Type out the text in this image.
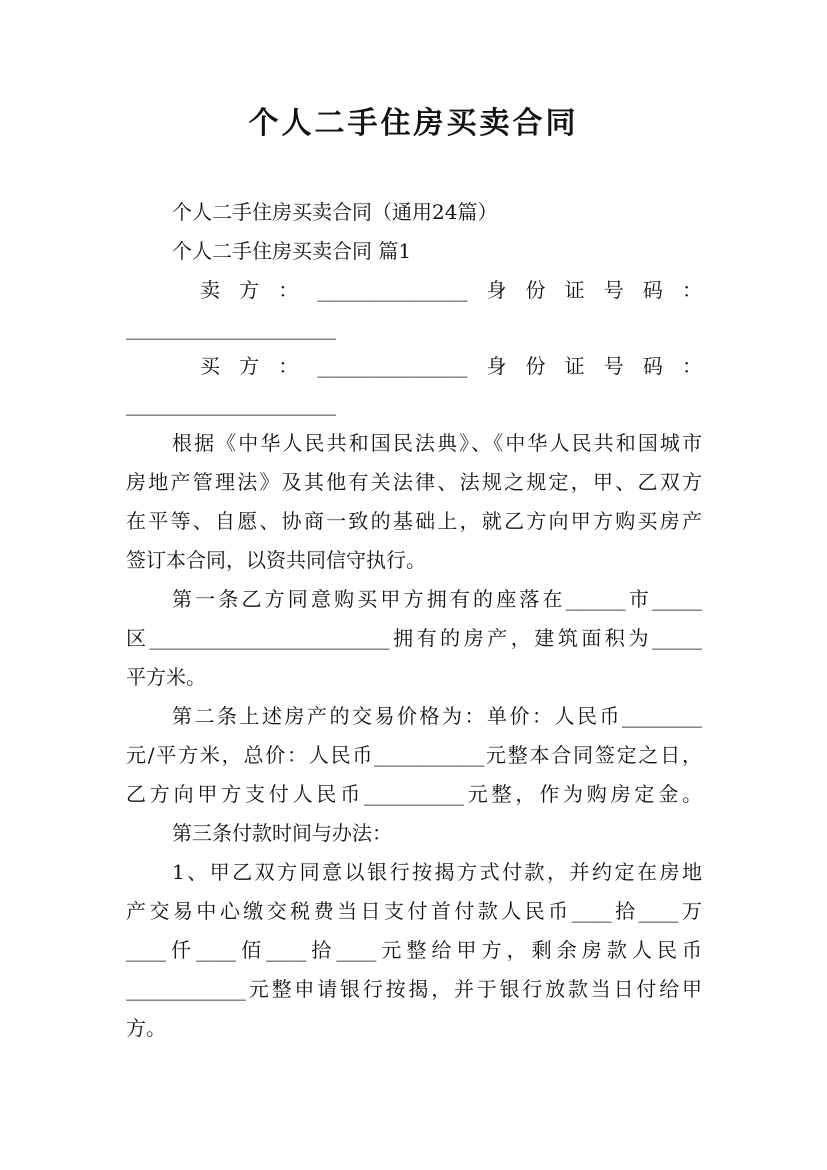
个人二手住房买卖合同
个人二手住房买卖合同（通用24篇）
个人二手住房买卖合同 篇1
卖方：_______________身份证号码：
_____________________
买方：_______________身份证号码：
_____________________
根据《中华人民共和国民法典》、《中华人民共和国城市
房地产管理法》及其他有关法律、法规之规定，甲、乙双方
在平等、自愿、协商一致的基础上，就乙方向甲方购买房产
签订本合同，以资共同信守执行。
第一条乙方同意购买甲方拥有的座落在______市_____
区________________________拥有的房产，建筑面积为_____
平方米。
第二条上述房产的交易价格为：单价：人民币________
元/平方米，总价：人民币___________元整本合同签定之日，
乙方向甲方支付人民币__________元整，作为购房定金。
第三条付款时间与办法：
1、甲乙双方同意以银行按揭方式付款，并约定在房地
产交易中心缴交税费当日支付首付款人民币____拾____万
____仟____佰____拾____元整给甲方，剩余房款人民币
____________元整申请银行按揭，并于银行放款当日付给甲
方。
